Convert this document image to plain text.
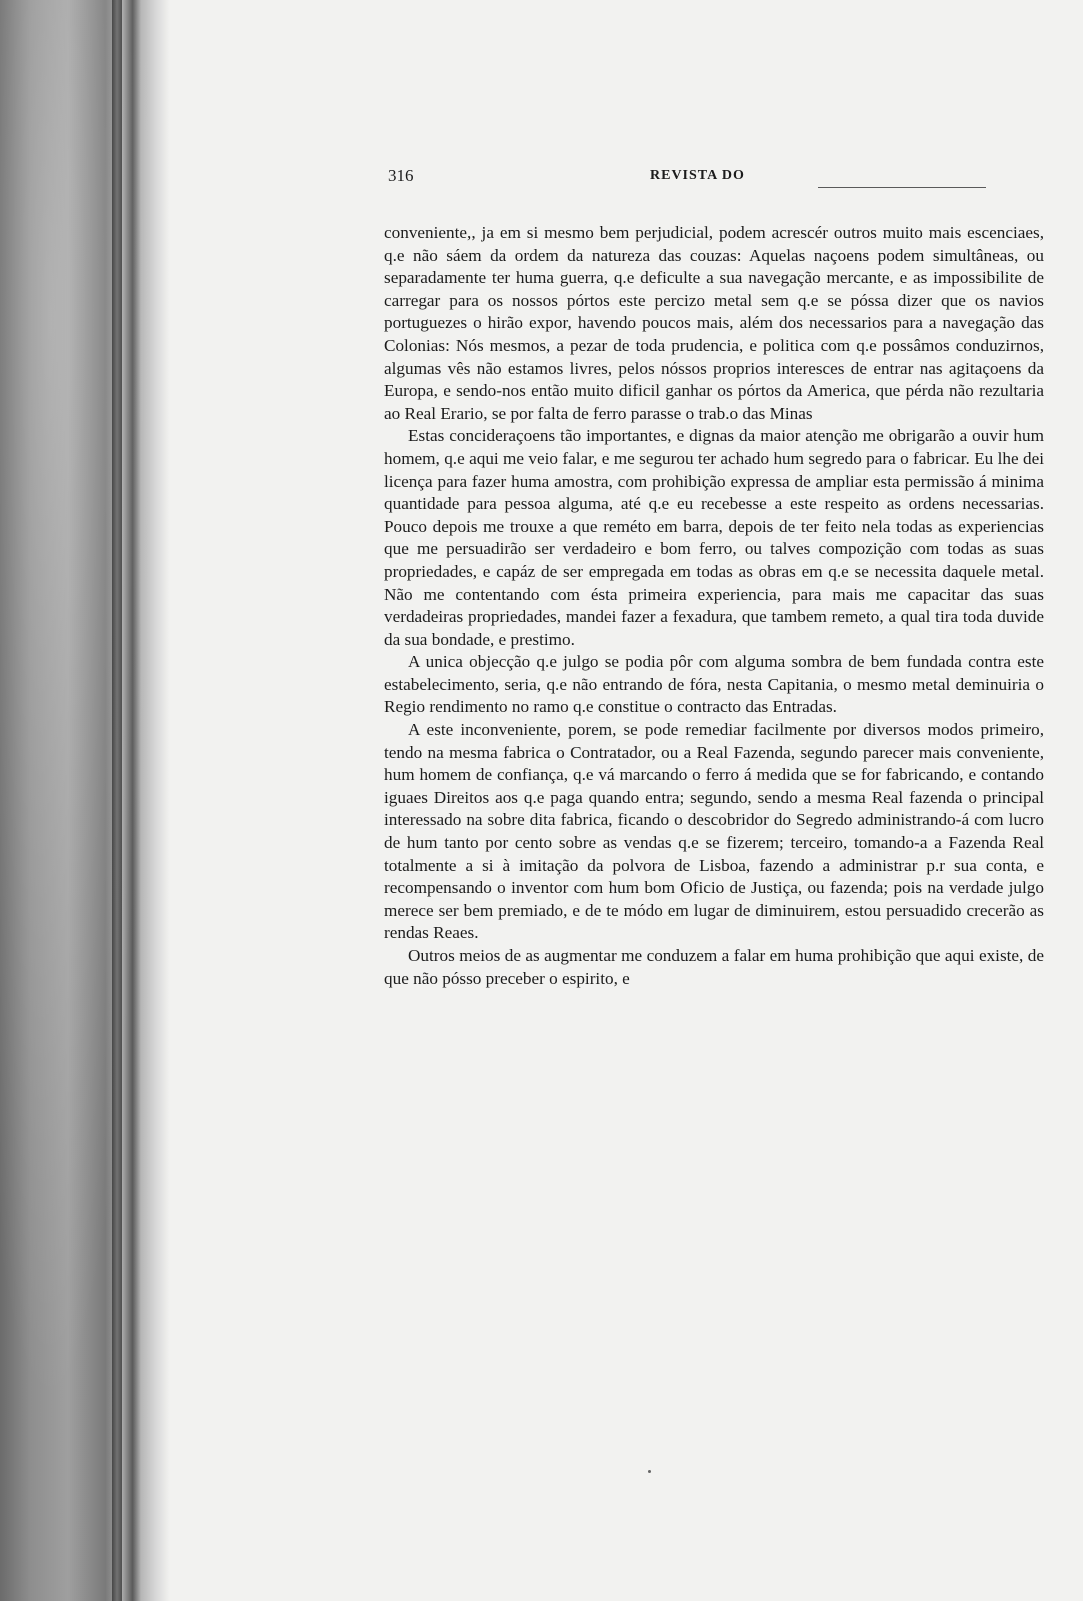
316	REVISTA DO

conveniente,, ja em si mesmo bem perjudicial, podem acrescér outros muito mais escenciaes, q.e não sáem da ordem da natureza das couzas: Aquelas naçoens podem simultâneas, ou separadamente ter huma guerra, q.e deficulte a sua navegação mercante, e as impossibilite de carregar para os nossos pórtos este percizo metal sem q.e se póssa dizer que os navios portuguezes o hirão expor, havendo poucos mais, além dos necessarios para a navegação das Colonias: Nós mesmos, a pezar de toda prudencia, e politica com q.e possâmos conduzirnos, algumas vês não estamos livres, pelos nóssos proprios interesces de entrar nas agitaçoens da Europa, e sendo-nos então muito dificil ganhar os pórtos da America, que pérda não rezultaria ao Real Erario, se por falta de ferro parasse o trab.o das Minas

Estas concideraçoens tão importantes, e dignas da maior atenção me obrigarão a ouvir hum homem, q.e aqui me veio falar, e me segurou ter achado hum segredo para o fabricar. Eu lhe dei licença para fazer huma amostra, com prohibição expressa de ampliar esta permissão á minima quantidade para pessoa alguma, até q.e eu recebesse a este respeito as ordens necessarias. Pouco depois me trouxe a que reméto em barra, depois de ter feito nela todas as experiencias que me persuadirão ser verdadeiro e bom ferro, ou talves compozição com todas as suas propriedades, e capáz de ser empregada em todas as obras em q.e se necessita daquele metal. Não me contentando com ésta primeira experiencia, para mais me capacitar das suas verdadeiras propriedades, mandei fazer a fexadura, que tambem remeto, a qual tira toda duvide da sua bondade, e prestimo.

A unica objecção q.e julgo se podia pôr com alguma sombra de bem fundada contra este estabelecimento, seria, q.e não entrando de fóra, nesta Capitania, o mesmo metal deminuiria o Regio rendimento no ramo q.e constitue o contracto das Entradas.

A este inconveniente, porem, se pode remediar facilmente por diversos modos primeiro, tendo na mesma fabrica o Contratador, ou a Real Fazenda, segundo parecer mais conveniente, hum homem de confiança, q.e vá marcando o ferro á medida que se for fabricando, e contando iguaes Direitos aos q.e paga quando entra; segundo, sendo a mesma Real fazenda o principal interessado na sobre dita fabrica, ficando o descobridor do Segredo administrando-á com lucro de hum tanto por cento sobre as vendas q.e se fizerem; terceiro, tomando-a a Fazenda Real totalmente a si à imitação da polvora de Lisboa, fazendo a administrar p.r sua conta, e recompensando o inventor com hum bom Oficio de Justiça, ou fazenda; pois na verdade julgo merece ser bem premiado, e de te módo em lugar de diminuirem, estou persuadido crecerão as rendas Reaes.

Outros meios de as augmentar me conduzem a falar em huma prohibição que aqui existe, de que não pósso preceber o espirito, e
